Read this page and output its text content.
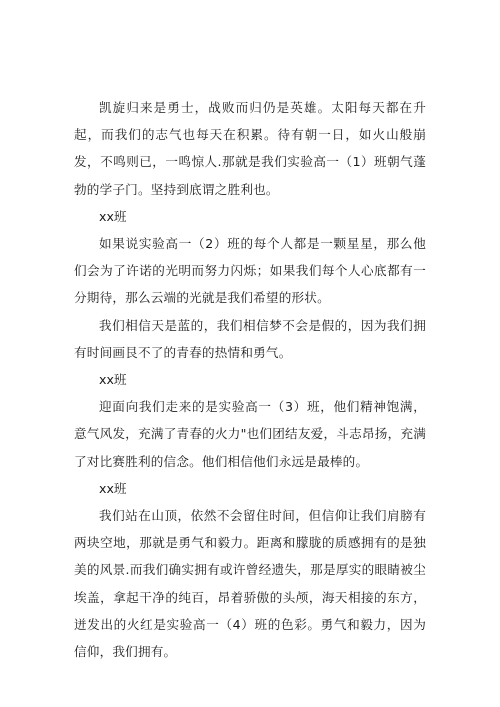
凯旋归来是勇士，战败而归仍是英雄。太阳每天都在升起，而我们的志气也每天在积累。待有朝一日，如火山般崩发，不鸣则已，一鸣惊人.那就是我们实验高一（1）班朝气蓬勃的学子门。坚持到底谓之胜利也。

xx班

如果说实验高一（2）班的每个人都是一颗星星，那么他们会为了许诺的光明而努力闪烁；如果我们每个人心底都有一分期待，那么云端的光就是我们希望的形状。

我们相信天是蓝的，我们相信梦不会是假的，因为我们拥有时间画艮不了的青春的热情和勇气。

xx班

迎面向我们走来的是实验高一（3）班，他们精神饱满，意气风发，充满了青春的火力"也们团结友爱，斗志昂扬，充满了对比赛胜利的信念。他们相信他们永远是最棒的。

xx班

我们站在山顶，依然不会留住时间，但信仰让我们肩膀有两块空地，那就是勇气和毅力。距离和朦胧的质感拥有的是独美的风景.而我们确实拥有或许曾经遗失，那是厚实的眼睛被尘埃盖，拿起干净的纯百，昂着骄傲的头颅，海天相接的东方，迸发出的火红是实验高一（4）班的色彩。勇气和毅力，因为信仰，我们拥有。
